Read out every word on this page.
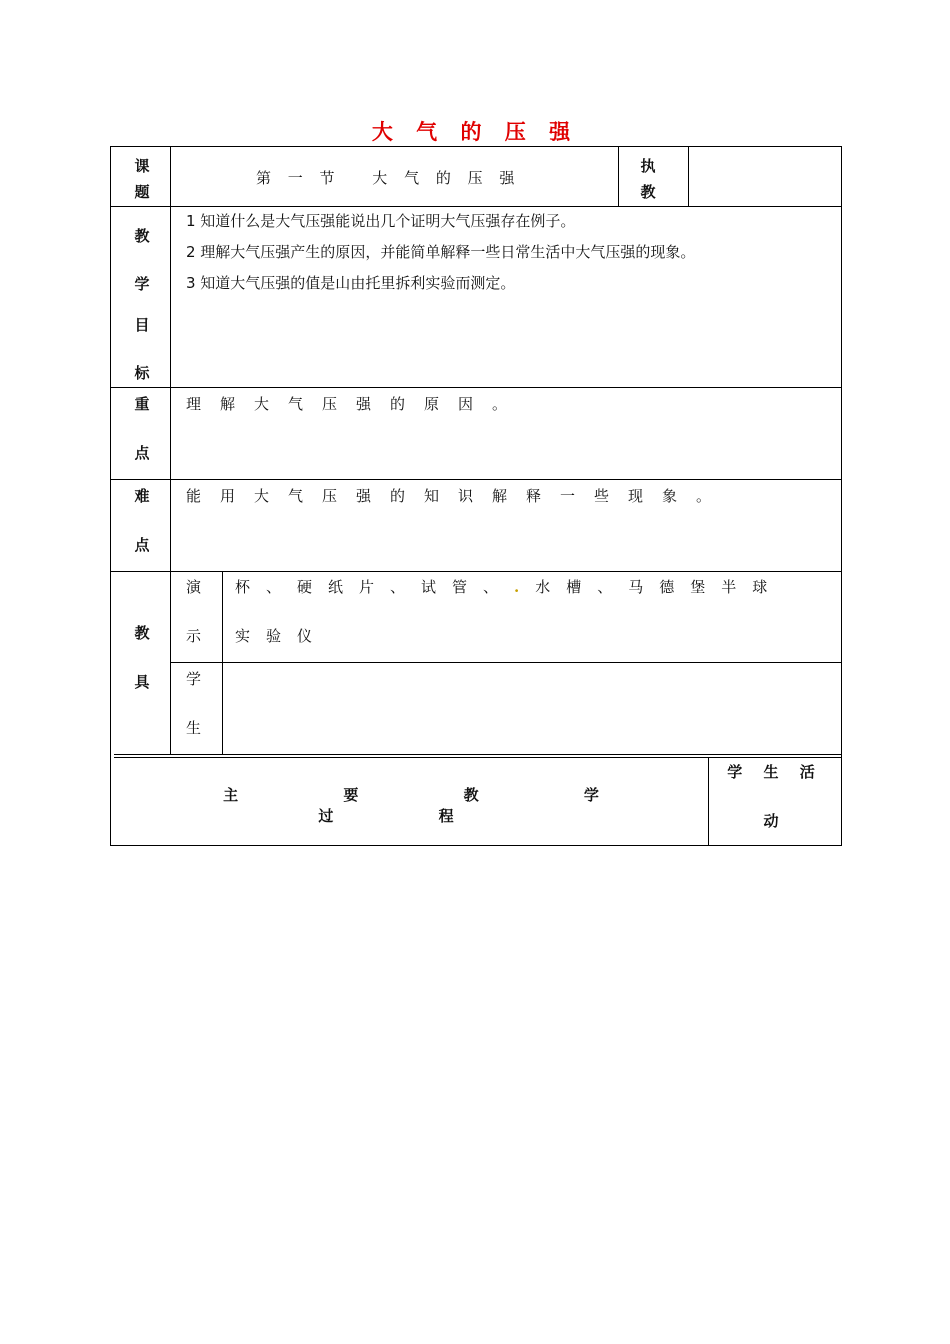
大 气 的 压 强
课
题
第 一 节　 大 气 的 压 强
执
教
教
学
目
标
1 知道什么是大气压强能说出几个证明大气压强存在例子。
2 理解大气压强产生的原因，并能简单解释一些日常生活中大气压强的现象。
3 知道大气压强的值是山由托里拆利实验而测定。
重
点
理解大气压强的原因。
难
点
能用大气压强的知识解释一些现象。
教
具
演
示
杯、硬纸片、试管、.水槽、马德堡半球
实验仪
学
生
主 要 教 学 过 程
学 生 活
动
